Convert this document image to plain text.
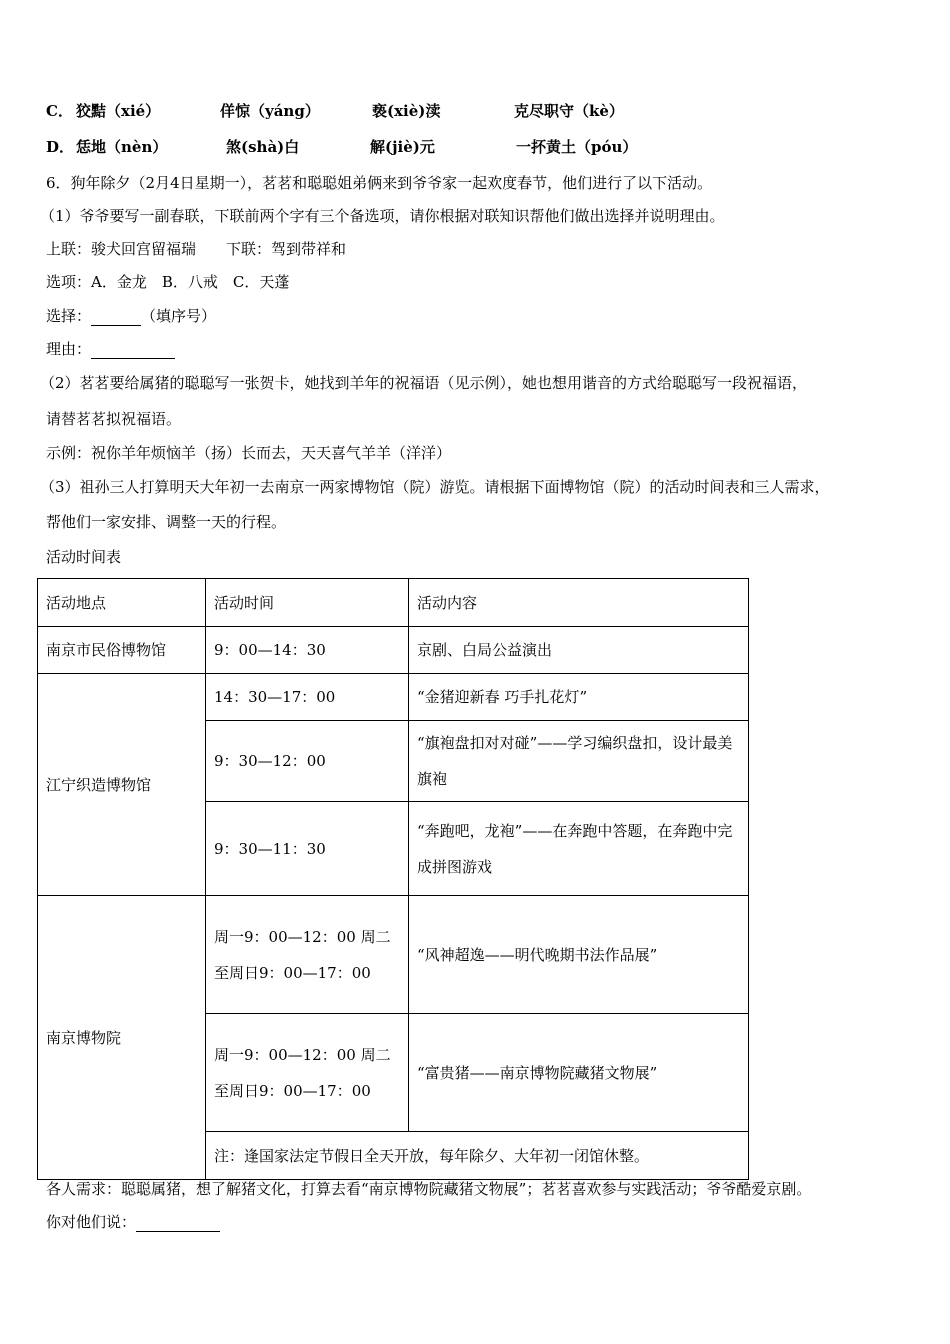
C． 狡黠（xié）	佯惊（yáng）	亵(xiè)渎	克尽职守（kè）
D． 恁地（nèn）	煞(shà)白	解(jiè)元	一抔黄土（póu）
6．狗年除夕（2月4日星期一），茗茗和聪聪姐弟俩来到爷爷家一起欢度春节，他们进行了以下活动。
（1）爷爷要写一副春联，下联前两个字有三个备选项，请你根据对联知识帮他们做出选择并说明理由。
上联：骏犬回宫留福瑞 下联：驾到带祥和
选项：A．金龙　B．八戒　C．天蓬
选择：	（填序号）
理由：
（2）茗茗要给属猪的聪聪写一张贺卡，她找到羊年的祝福语（见示例），她也想用谐音的方式给聪聪写一段祝福语，
请替茗茗拟祝福语。
示例：祝你羊年烦恼羊（扬）长而去，天天喜气羊羊（洋洋）
（3）祖孙三人打算明天大年初一去南京一两家博物馆（院）游览。请根据下面博物馆（院）的活动时间表和三人需求，
帮他们一家安排、调整一天的行程。
活动时间表
活动地点	活动时间	活动内容
南京市民俗博物馆	9：00—14：30	京剧、白局公益演出
江宁织造博物馆	14：30—17：00	“金猪迎新春 巧手扎花灯”
	9：30—12：00	“旗袍盘扣对对碰”——学习编织盘扣，设计最美旗袍
	9：30—11：30	“奔跑吧，龙袍”——在奔跑中答题，在奔跑中完成拼图游戏
南京博物院	周一9：00—12：00 周二至周日9：00—17：00	“风神超逸——明代晚期书法作品展”
	周一9：00—12：00 周二至周日9：00—17：00	“富贵猪——南京博物院藏猪文物展”
	注：逢国家法定节假日全天开放，每年除夕、大年初一闭馆休整。	
各人需求：聪聪属猪，想了解猪文化，打算去看“南京博物院藏猪文物展”；茗茗喜欢参与实践活动；爷爷酷爱京剧。
你对他们说：
